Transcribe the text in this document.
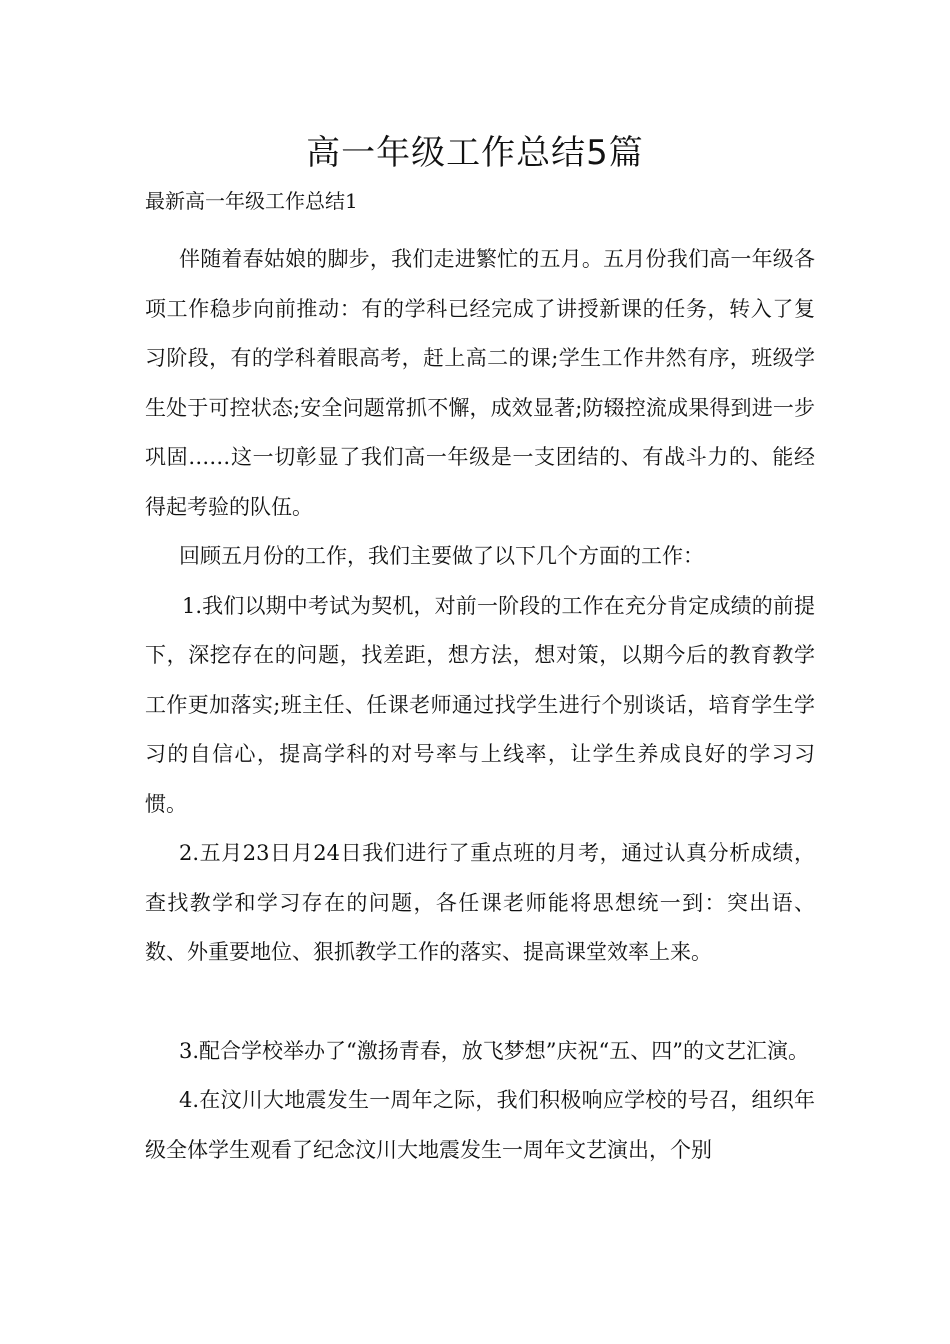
高一年级工作总结5篇

最新高一年级工作总结1

伴随着春姑娘的脚步，我们走进繁忙的五月。五月份我们高一年级各项工作稳步向前推动：有的学科已经完成了讲授新课的任务，转入了复习阶段，有的学科着眼高考，赶上高二的课;学生工作井然有序，班级学生处于可控状态;安全问题常抓不懈，成效显著;防辍控流成果得到进一步巩固……这一切彰显了我们高一年级是一支团结的、有战斗力的、能经得起考验的队伍。

回顾五月份的工作，我们主要做了以下几个方面的工作：

1.我们以期中考试为契机，对前一阶段的工作在充分肯定成绩的前提下，深挖存在的问题，找差距，想方法，想对策，以期今后的教育教学工作更加落实;班主任、任课老师通过找学生进行个别谈话，培育学生学习的自信心，提高学科的对号率与上线率，让学生养成良好的学习习惯。

2.五月23日月24日我们进行了重点班的月考，通过认真分析成绩，查找教学和学习存在的问题，各任课老师能将思想统一到：突出语、数、外重要地位、狠抓教学工作的落实、提高课堂效率上来。

3.配合学校举办了“激扬青春，放飞梦想”庆祝“五、四”的文艺汇演。

4.在汶川大地震发生一周年之际，我们积极响应学校的号召，组织年级全体学生观看了纪念汶川大地震发生一周年文艺演出，个别
